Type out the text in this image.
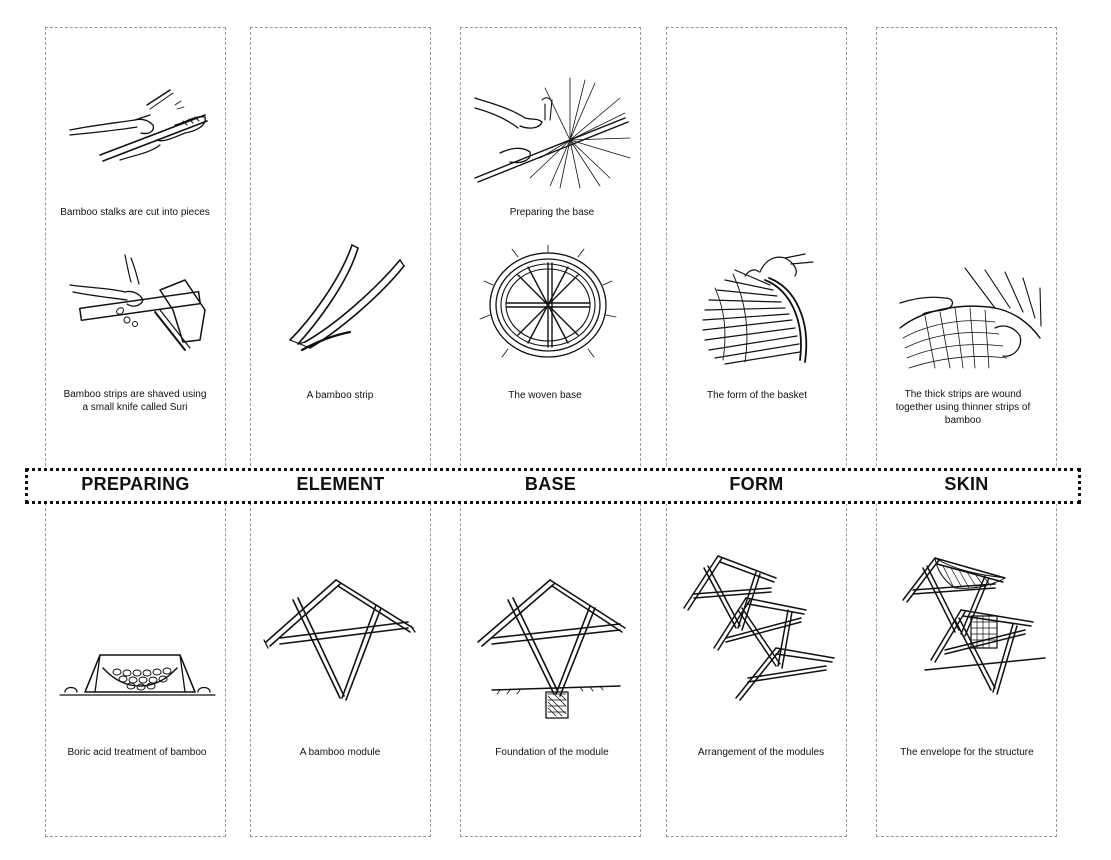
PREPARING	ELEMENT	BASE	FORM	SKIN
Bamboo stalks are cut into pieces
Bamboo strips are shaved using a small knife called Suri
Boric acid treatment of bamboo
A bamboo strip
A bamboo module
Preparing the base
The woven base
Foundation of the module
The form of the basket
Arrangement of the modules
The thick strips are wound together using thinner strips of bamboo
The envelope for the structure
